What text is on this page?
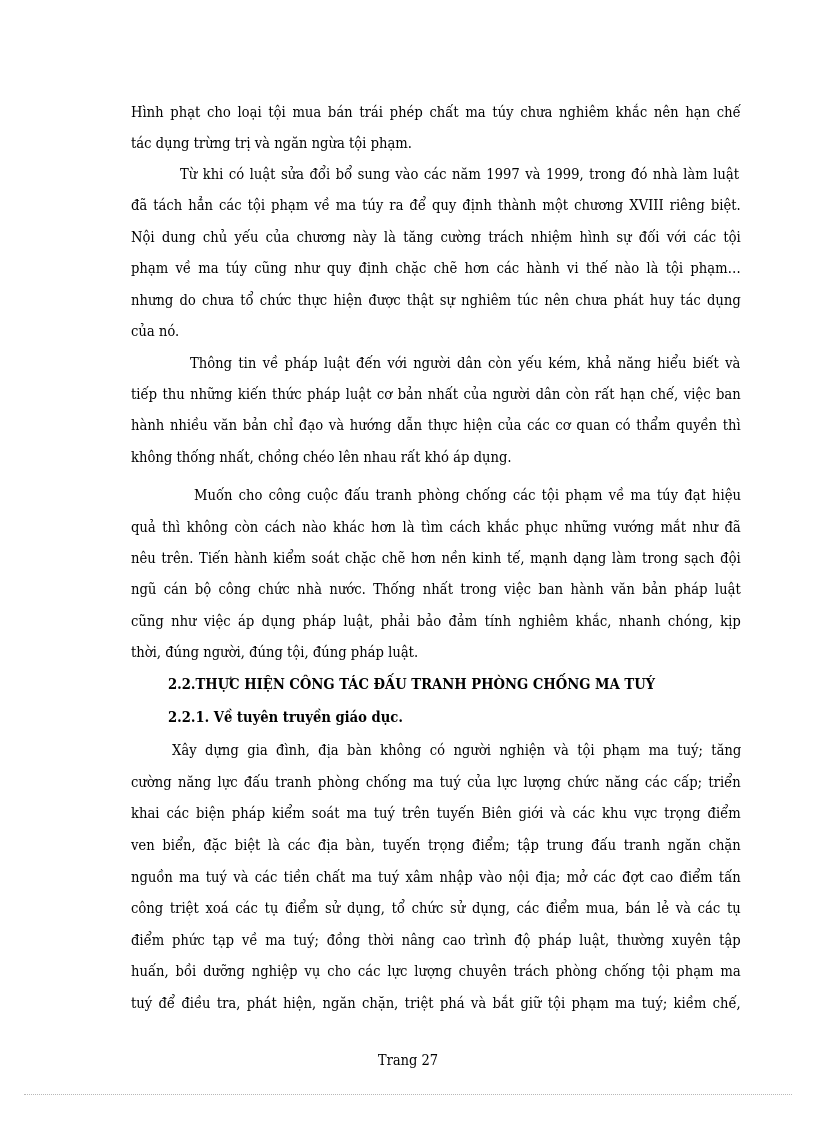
Hình phạt cho loại tội mua bán trái phép chất ma túy chưa nghiêm khắc nên hạn chế
tác dụng trừng trị và ngăn ngừa tội phạm.
Từ khi có luật sửa đổi bổ sung vào các năm 1997 và 1999, trong đó nhà làm luật
đã tách hẳn các tội phạm về ma túy ra để quy định thành một chương XVIII riêng biệt.
Nội dung chủ yếu của chương này là tăng cường trách nhiệm hình sự đối với các tội
phạm về ma túy cũng như quy định chặc chẽ hơn các hành vi thế nào là tội phạm…
nhưng do chưa tổ chức thực hiện được thật sự nghiêm túc nên chưa phát huy tác dụng
của nó.
Thông tin về pháp luật đến với người dân còn yếu kém, khả năng hiểu biết và
tiếp thu những kiến thức pháp luật cơ bản nhất của người dân còn rất hạn chế, việc ban
hành nhiều văn bản chỉ đạo và hướng dẫn thực hiện của các cơ quan có thẩm quyền thì
không thống nhất, chồng chéo lên nhau rất khó áp dụng.
Muốn cho công cuộc đấu tranh phòng chống các tội phạm về ma túy đạt hiệu
quả thì không còn cách nào khác hơn là tìm cách khắc phục những vướng mắt như đã
nêu trên. Tiến hành kiểm soát chặc chẽ hơn nền kinh tế, mạnh dạng làm trong sạch đội
ngũ cán bộ công chức nhà nước. Thống nhất trong việc ban hành văn bản pháp luật
cũng như việc áp dụng pháp luật, phải bảo đảm tính nghiêm khắc, nhanh chóng, kịp
thời, đúng người, đúng tội, đúng pháp luật.
2.2.THỰC HIỆN CÔNG TÁC ĐẤU TRANH PHÒNG CHỐNG MA TUÝ
2.2.1. Về tuyên truyền giáo dục.
Xây dựng gia đình, địa bàn không có người nghiện và tội phạm ma tuý; tăng
cường năng lực đấu tranh phòng chống ma tuý của lực lượng chức năng các cấp; triển
khai các biện pháp kiểm soát ma tuý trên tuyến Biên giới và các khu vực trọng điểm
ven biển, đặc biệt là các địa bàn, tuyến trọng điểm; tập trung đấu tranh ngăn chặn
nguồn ma tuý và các tiền chất ma tuý xâm nhập vào nội địa; mở các đợt cao điểm tấn
công triệt xoá các tụ điểm sử dụng, tổ chức sử dụng, các điểm mua, bán lẻ và các tụ
điểm phức tạp về ma tuý; đồng thời nâng cao trình độ pháp luật, thường xuyên tập
huấn, bồi dưỡng nghiệp vụ cho các lực lượng chuyên trách phòng chống tội phạm ma
tuý để điều tra, phát hiện, ngăn chặn, triệt phá và bắt giữ tội phạm ma tuý; kiềm chế,
Trang 27
